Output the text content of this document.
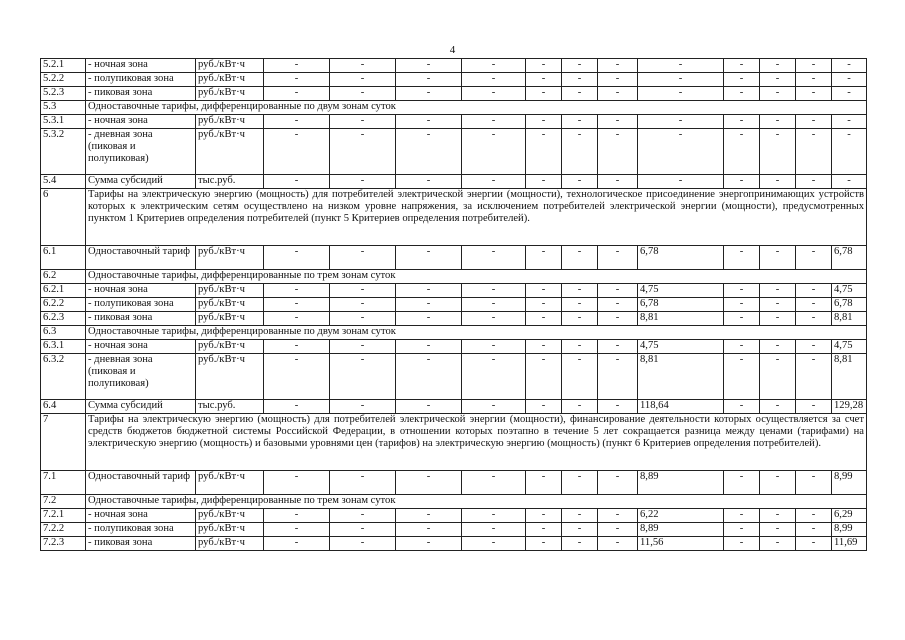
4
5.2.1	- ночная зона	руб./кВт·ч	-	-	-	-	-	-	-	-	-	-	-	-
5.2.2	- полупиковая зона	руб./кВт·ч	-	-	-	-	-	-	-	-	-	-	-	-
5.2.3	- пиковая зона	руб./кВт·ч	-	-	-	-	-	-	-	-	-	-	-	-
5.3	Одноставочные тарифы, дифференцированные по двум зонам суток													
5.3.1	- ночная зона	руб./кВт·ч	-	-	-	-	-	-	-	-	-	-	-	-
5.3.2	- дневная зона (пиковая и полупиковая)	руб./кВт·ч	-	-	-	-	-	-	-	-	-	-	-	-
5.4	Сумма субсидий	тыс.руб.	-	-	-	-	-	-	-	-	-	-	-	-
6	Тарифы на электрическую энергию (мощность) для потребителей электрической энергии (мощности), технологическое присоединение энергопринимающих устройств которых к электрическим сетям осуществлено на низком уровне напряжения, за исключением потребителей электрической энергии (мощности), предусмотренных пунктом 1 Критериев определения потребителей (пункт 5 Критериев определения потребителей).													
6.1	Одноставочный тариф	руб./кВт·ч	-	-	-	-	-	-	-	6,78	-	-	-	6,78
6.2	Одноставочные тарифы, дифференцированные по трем зонам суток													
6.2.1	- ночная зона	руб./кВт·ч	-	-	-	-	-	-	-	4,75	-	-	-	4,75
6.2.2	- полупиковая зона	руб./кВт·ч	-	-	-	-	-	-	-	6,78	-	-	-	6,78
6.2.3	- пиковая зона	руб./кВт·ч	-	-	-	-	-	-	-	8,81	-	-	-	8,81
6.3	Одноставочные тарифы, дифференцированные по двум зонам суток													
6.3.1	- ночная зона	руб./кВт·ч	-	-	-	-	-	-	-	4,75	-	-	-	4,75
6.3.2	- дневная зона (пиковая и полупиковая)	руб./кВт·ч	-	-	-	-	-	-	-	8,81	-	-	-	8,81
6.4	Сумма субсидий	тыс.руб.	-	-	-	-	-	-	-	118,64	-	-	-	129,28
7	Тарифы на электрическую энергию (мощность) для потребителей электрической энергии (мощности), финансирование деятельности которых осуществляется за счет средств бюджетов бюджетной системы Российской Федерации, в отношении которых поэтапно в течение 5 лет сокращается разница между ценами (тарифами) на электрическую энергию (мощность) и базовыми уровнями цен (тарифов) на электрическую энергию (мощность) (пункт 6 Критериев определения потребителей).													
7.1	Одноставочный тариф	руб./кВт·ч	-	-	-	-	-	-	-	8,89	-	-	-	8,99
7.2	Одноставочные тарифы, дифференцированные по трем зонам суток													
7.2.1	- ночная зона	руб./кВт·ч	-	-	-	-	-	-	-	6,22	-	-	-	6,29
7.2.2	- полупиковая зона	руб./кВт·ч	-	-	-	-	-	-	-	8,89	-	-	-	8,99
7.2.3	- пиковая зона	руб./кВт·ч	-	-	-	-	-	-	-	11,56	-	-	-	11,69
